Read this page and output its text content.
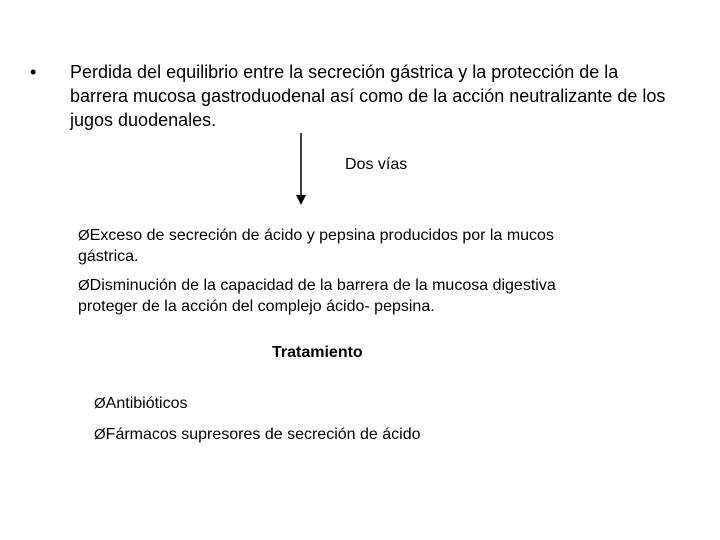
•	Perdida del equilibrio entre la secreción gástrica y la protección de la barrera mucosa gastroduodenal así como de la acción neutralizante de los jugos duodenales.
Dos vías
ØExceso de secreción de ácido y pepsina producidos por la mucos gástrica.
ØDisminución de la capacidad de la barrera de la mucosa digestiva proteger de la acción del complejo ácido- pepsina.
Tratamiento
ØAntibióticos
ØFármacos supresores de secreción de ácido
